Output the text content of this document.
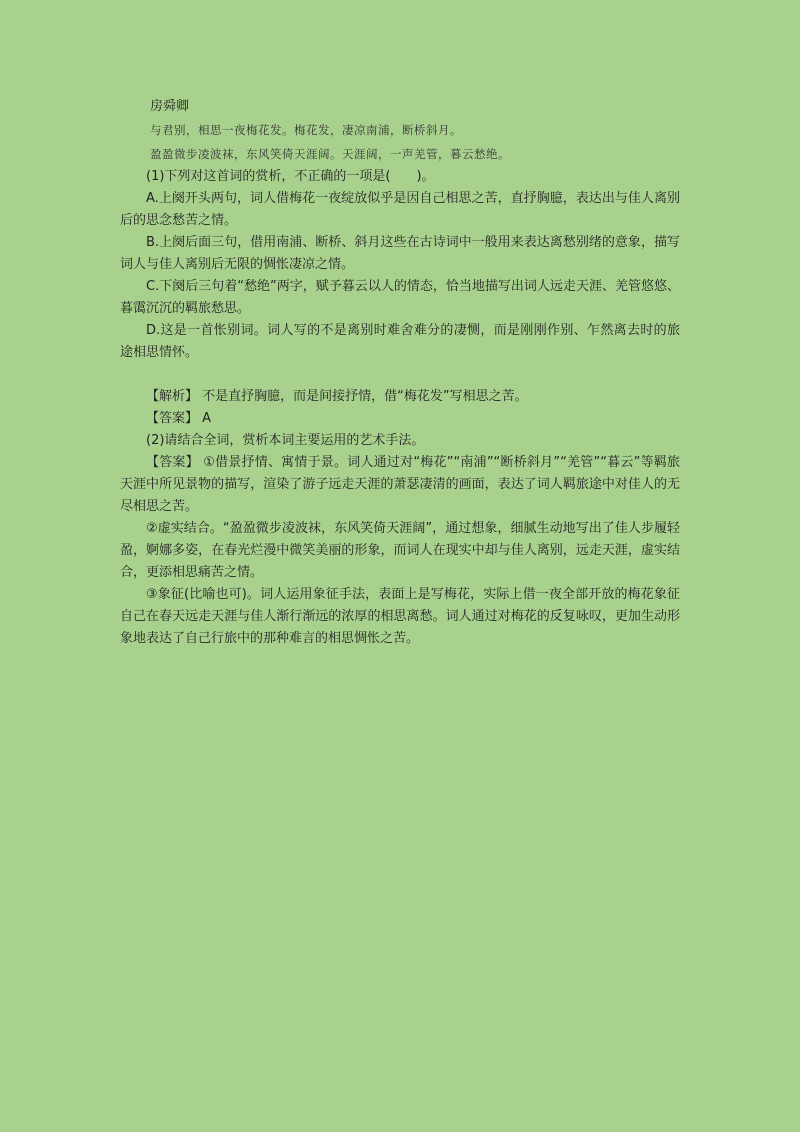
房舜卿

与君别，相思一夜梅花发。梅花发，凄凉南浦，断桥斜月。

盈盈微步凌波袜，东风笑倚天涯阔。天涯阔，一声羌管，暮云愁绝。

(1)下列对这首词的赏析，不正确的一项是(　　)。

A.上阕开头两句，词人借梅花一夜绽放似乎是因自己相思之苦，直抒胸臆，表达出与佳人离别后的思念愁苦之情。

B.上阕后面三句，借用南浦、断桥、斜月这些在古诗词中一般用来表达离愁别绪的意象，描写词人与佳人离别后无限的惆怅凄凉之情。

C.下阕后三句着“愁绝”两字，赋予暮云以人的情态，恰当地描写出词人远走天涯、羌管悠悠、暮霭沉沉的羁旅愁思。

D.这是一首怅别词。词人写的不是离别时难舍难分的凄恻，而是刚刚作别、乍然离去时的旅途相思情怀。

【解析】 不是直抒胸臆，而是间接抒情，借“梅花发”写相思之苦。

【答案】 A

(2)请结合全词，赏析本词主要运用的艺术手法。

【答案】 ①借景抒情、寓情于景。词人通过对“梅花”“南浦”“断桥斜月”“羌管”“暮云”等羁旅天涯中所见景物的描写，渲染了游子远走天涯的萧瑟凄清的画面，表达了词人羁旅途中对佳人的无尽相思之苦。

②虚实结合。“盈盈微步凌波袜，东风笑倚天涯阔”，通过想象，细腻生动地写出了佳人步履轻盈，婀娜多姿，在春光烂漫中微笑美丽的形象，而词人在现实中却与佳人离别，远走天涯，虚实结合，更添相思痛苦之情。

③象征(比喻也可)。词人运用象征手法，表面上是写梅花，实际上借一夜全部开放的梅花象征自己在春天远走天涯与佳人渐行渐远的浓厚的相思离愁。词人通过对梅花的反复咏叹，更加生动形象地表达了自己行旅中的那种难言的相思惆怅之苦。
